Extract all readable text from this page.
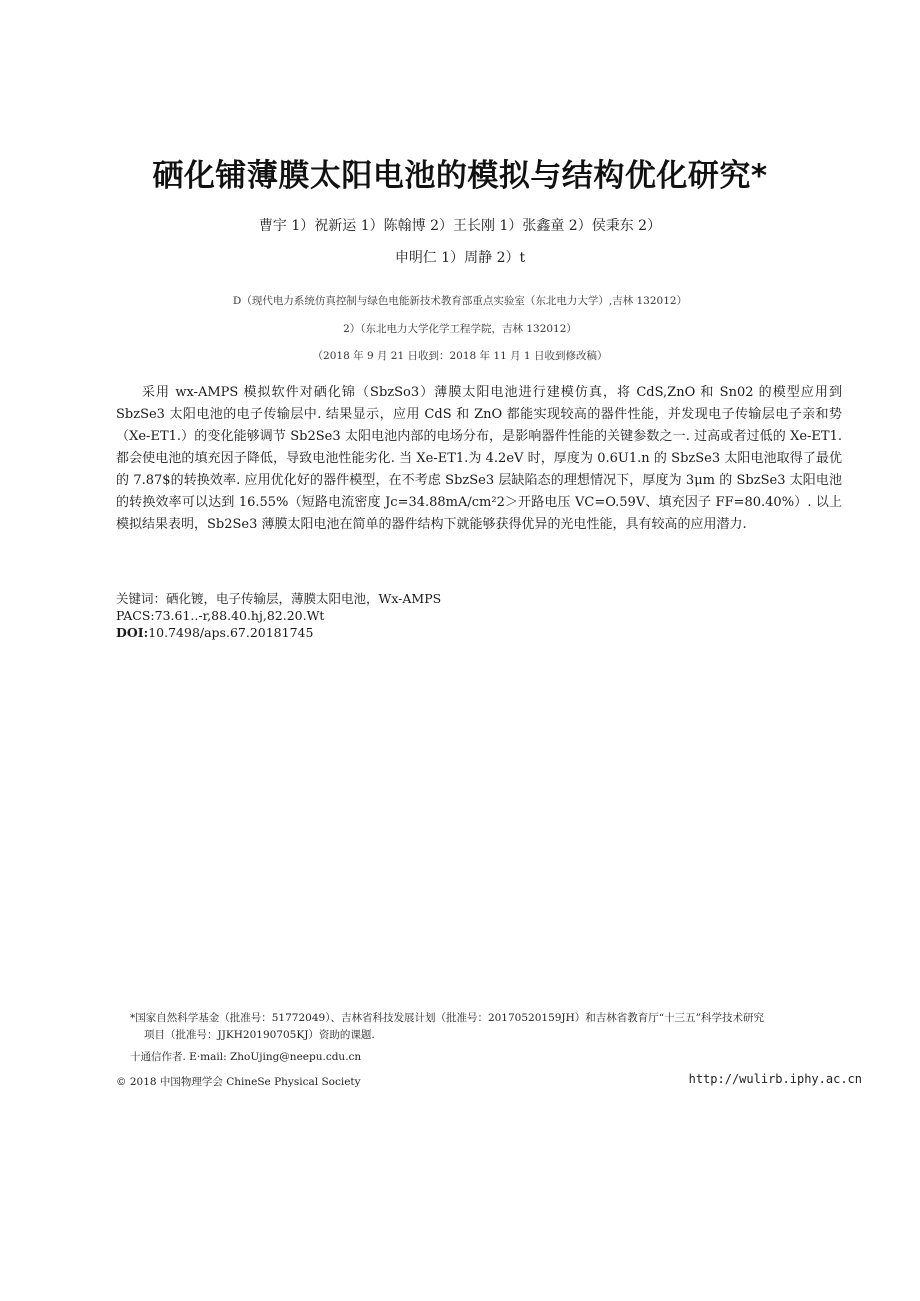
硒化铺薄膜太阳电池的模拟与结构优化研究*
曹宇 1）祝新运 1）陈翰博 2）王长刚 1）张鑫童 2）侯秉东 2）
申明仁 1）周静 2）t
D（现代电力系统仿真控制与绿色电能新技术教育部重点实验室（东北电力大学）,吉林 132012）
2）（东北电力大学化学工程学院，吉林 132012）
（2018 年 9 月 21 日收到：2018 年 11 月 1 日收到修改稿）

采用 wx-AMPS 模拟软件对硒化锦（SbzSo3）薄膜太阳电池进行建模仿真，将 CdS,ZnO 和 Sn02 的模型应用到 SbzSe3 太阳电池的电子传输层中. 结果显示，应用 CdS 和 ZnO 都能实现较高的器件性能，并发现电子传输层电子亲和势（Xe-ET1.）的变化能够调节 Sb2Se3 太阳电池内部的电场分布，是影响器件性能的关键参数之一. 过高或者过低的 Xe-ET1.都会使电池的填充因子降低，导致电池性能劣化. 当 Xe-ET1.为 4.2eV 时，厚度为 0.6U1.n 的 SbzSe3 太阳电池取得了最优的 7.87$的转换效率. 应用优化好的器件模型，在不考虑 SbzSe3 层缺陷态的理想情况下，厚度为 3μm 的 SbzSe3 太阳电池的转换效率可以达到 16.55%（短路电流密度 Jc=34.88mA∕cm²2＞开路电压 VC=O.59V、填充因子 FF=80.40%）. 以上模拟结果表明，Sb2Se3 薄膜太阳电池在简单的器件结构下就能够获得优异的光电性能，具有较高的应用潜力.

关键词：硒化镀，电子传输层，薄膜太阳电池，Wx-AMPS
PACS:73.61..-r,88.40.hj,82.20.Wt
DOI:10.7498∕aps.67.20181745
*国家自然科学基金（批准号：51772049）、吉林省科技发展计划（批准号：20170520159JH）和吉林省教育厅“十三五”科学技术研究
项目（批准号：JJKH20190705KJ）资助的课题.
十通信作者. E·mail: ZhoUjing@neepu.cdu.cn
© 2018 中国物理学会 ChineSe Physical Society	http://wulirb.iphy.ac.cn
